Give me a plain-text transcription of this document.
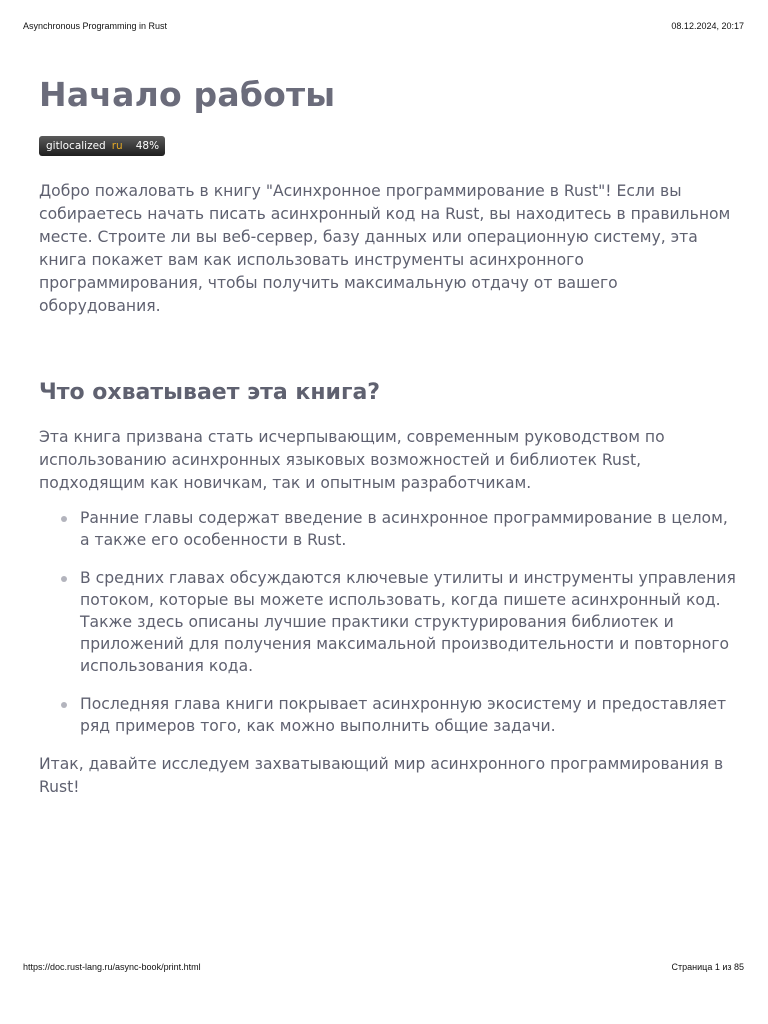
Asynchronous Programming in Rust	08.12.2024, 20:17
Начало работы
gitlocalized ru 48%

Добро пожаловать в книгу "Асинхронное программирование в Rust"! Если вы собираетесь начать писать асинхронный код на Rust, вы находитесь в правильном месте. Строите ли вы веб-сервер, базу данных или операционную систему, эта книга покажет вам как использовать инструменты асинхронного программирования, чтобы получить максимальную отдачу от вашего оборудования.

Что охватывает эта книга?

Эта книга призвана стать исчерпывающим, современным руководством по использованию асинхронных языковых возможностей и библиотек Rust, подходящим как новичкам, так и опытным разработчикам.

Ранние главы содержат введение в асинхронное программирование в целом, а также его особенности в Rust.
В средних главах обсуждаются ключевые утилиты и инструменты управления потоком, которые вы можете использовать, когда пишете асинхронный код. Также здесь описаны лучшие практики структурирования библиотек и приложений для получения максимальной производительности и повторного использования кода.
Последняя глава книги покрывает асинхронную экосистему и предоставляет ряд примеров того, как можно выполнить общие задачи.

Итак, давайте исследуем захватывающий мир асинхронного программирования в Rust!

https://doc.rust-lang.ru/async-book/print.html	Страница 1 из 85
